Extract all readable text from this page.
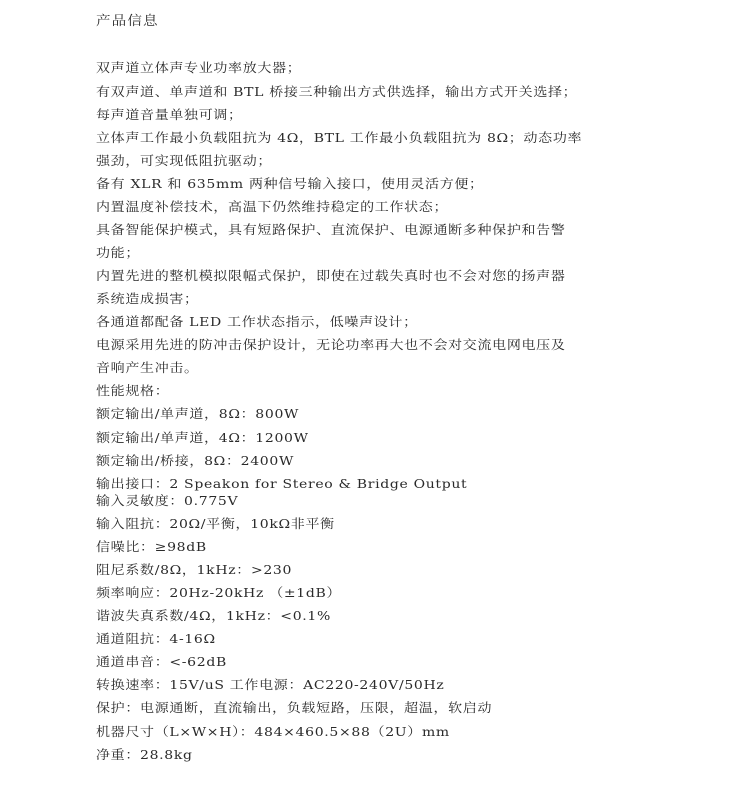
产品信息
双声道立体声专业功率放大器；
有双声道、单声道和 BTL 桥接三种输出方式供选择，输出方式开关选择；
每声道音量单独可调；
立体声工作最小负载阻抗为 4Ω，BTL 工作最小负载阻抗为 8Ω；动态功率
强劲，可实现低阻抗驱动；
备有 XLR 和 635mm 两种信号输入接口，使用灵活方便；
内置温度补偿技术，高温下仍然维持稳定的工作状态；
具备智能保护模式，具有短路保护、直流保护、电源通断多种保护和告警
功能；
内置先进的整机模拟限幅式保护，即使在过载失真时也不会对您的扬声器
系统造成损害；
各通道都配备 LED 工作状态指示，低噪声设计；
电源采用先进的防冲击保护设计，无论功率再大也不会对交流电网电压及
音响产生冲击。
性能规格：
额定输出/单声道，8Ω：800W
额定输出/单声道，4Ω：1200W
额定输出/桥接，8Ω：2400W
输出接口：2 Speakon for Stereo & Bridge Output
输入灵敏度：0.775V
输入阻抗：20Ω/平衡，10kΩ非平衡
信噪比：≥98dB
阻尼系数/8Ω，1kHz：>230
频率响应：20Hz-20kHz （±1dB）
谐波失真系数/4Ω，1kHz：<0.1%
通道阻抗：4-16Ω
通道串音：<-62dB
转换速率：15V/uS 工作电源：AC220-240V/50Hz
保护：电源通断，直流输出，负载短路，压限，超温，软启动
机器尺寸（L×W×H）：484×460.5×88（2U）mm
净重：28.8kg
